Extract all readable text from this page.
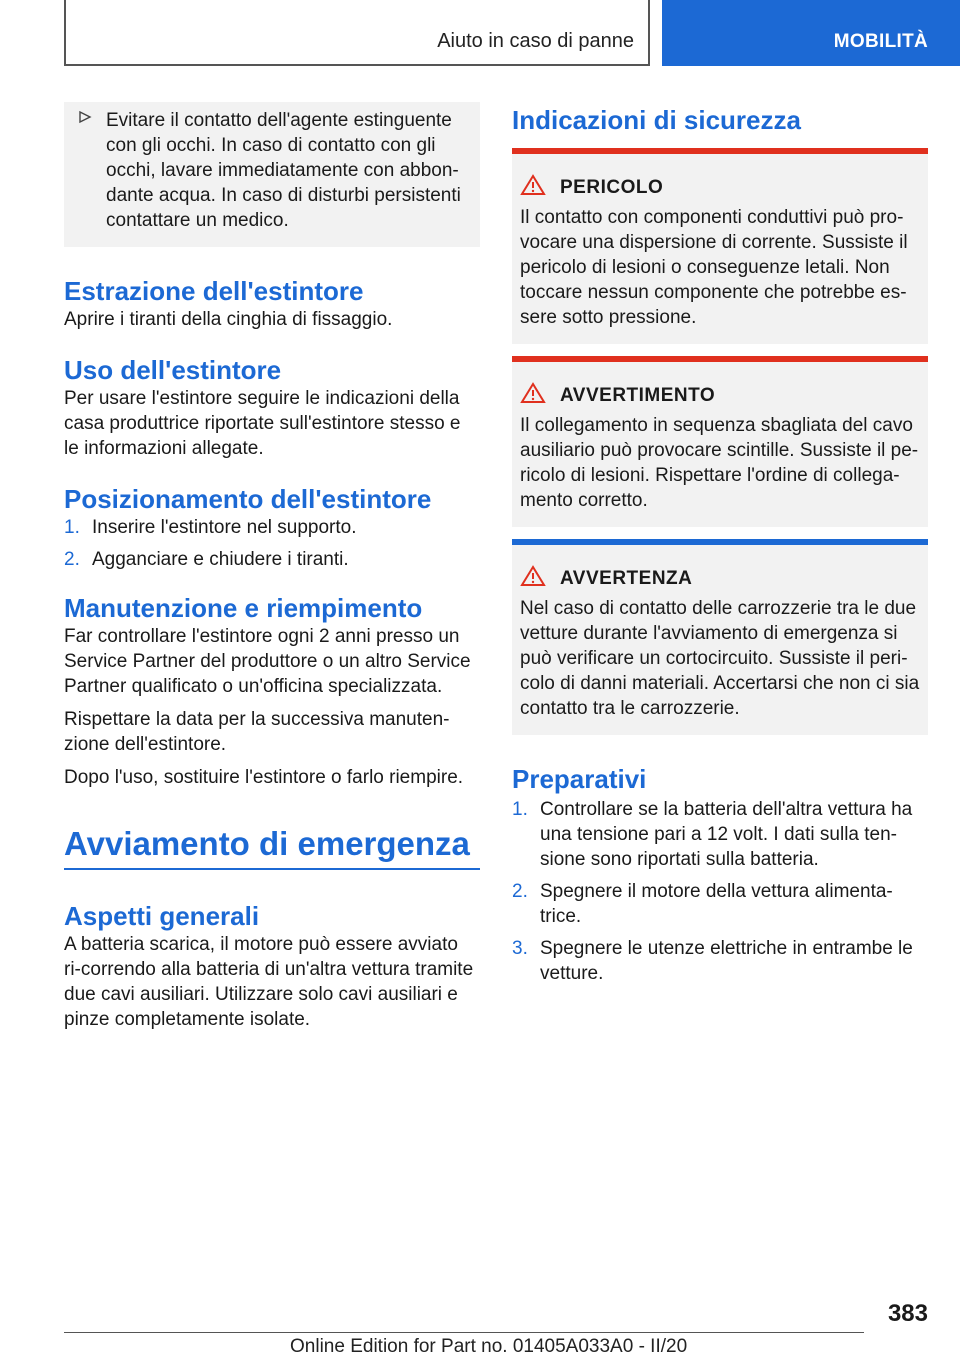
Aiuto in caso di panne	MOBILITÀ

Evitare il contatto dell'agente estinguente con gli occhi. In caso di contatto con gli occhi, lavare immediatamente con abbon-dante acqua. In caso di disturbi persistenti contattare un medico.

Estrazione dell'estintore

Aprire i tiranti della cinghia di fissaggio.

Uso dell'estintore

Per usare l'estintore seguire le indicazioni della casa produttrice riportate sull'estintore stesso e le informazioni allegate.

Posizionamento dell'estintore
1. Inserire l'estintore nel supporto.
2. Agganciare e chiudere i tiranti.
Manutenzione e riempimento

Far controllare l'estintore ogni 2 anni presso un Service Partner del produttore o un altro Service Partner qualificato o un'officina specializzata.

Rispettare la data per la successiva manuten-zione dell'estintore.

Dopo l'uso, sostituire l'estintore o farlo riempire.

Avviamento di emergenza
Aspetti generali

A batteria scarica, il motore può essere avviato ri-correndo alla batteria di un'altra vettura tramite due cavi ausiliari. Utilizzare solo cavi ausiliari e pinze completamente isolate.

Indicazioni di sicurezza
PERICOLO

Il contatto con componenti conduttivi può pro-vocare una dispersione di corrente. Sussiste il pericolo di lesioni o conseguenze letali. Non toccare nessun componente che potrebbe es-sere sotto pressione.

AVVERTIMENTO

Il collegamento in sequenza sbagliata del cavo ausiliario può provocare scintille. Sussiste il pe-ricolo di lesioni. Rispettare l'ordine di collega-mento corretto.

AVVERTENZA

Nel caso di contatto delle carrozzerie tra le due vetture durante l'avviamento di emergenza si può verificare un cortocircuito. Sussiste il peri-colo di danni materiali. Accertarsi che non ci sia contatto tra le carrozzerie.

Preparativi
1. Controllare se la batteria dell'altra vettura ha una tensione pari a 12 volt. I dati sulla ten-sione sono riportati sulla batteria.
2. Spegnere il motore della vettura alimenta-trice.
3. Spegnere le utenze elettriche in entrambe le vetture.
383
Online Edition for Part no. 01405A033A0 - II/20
